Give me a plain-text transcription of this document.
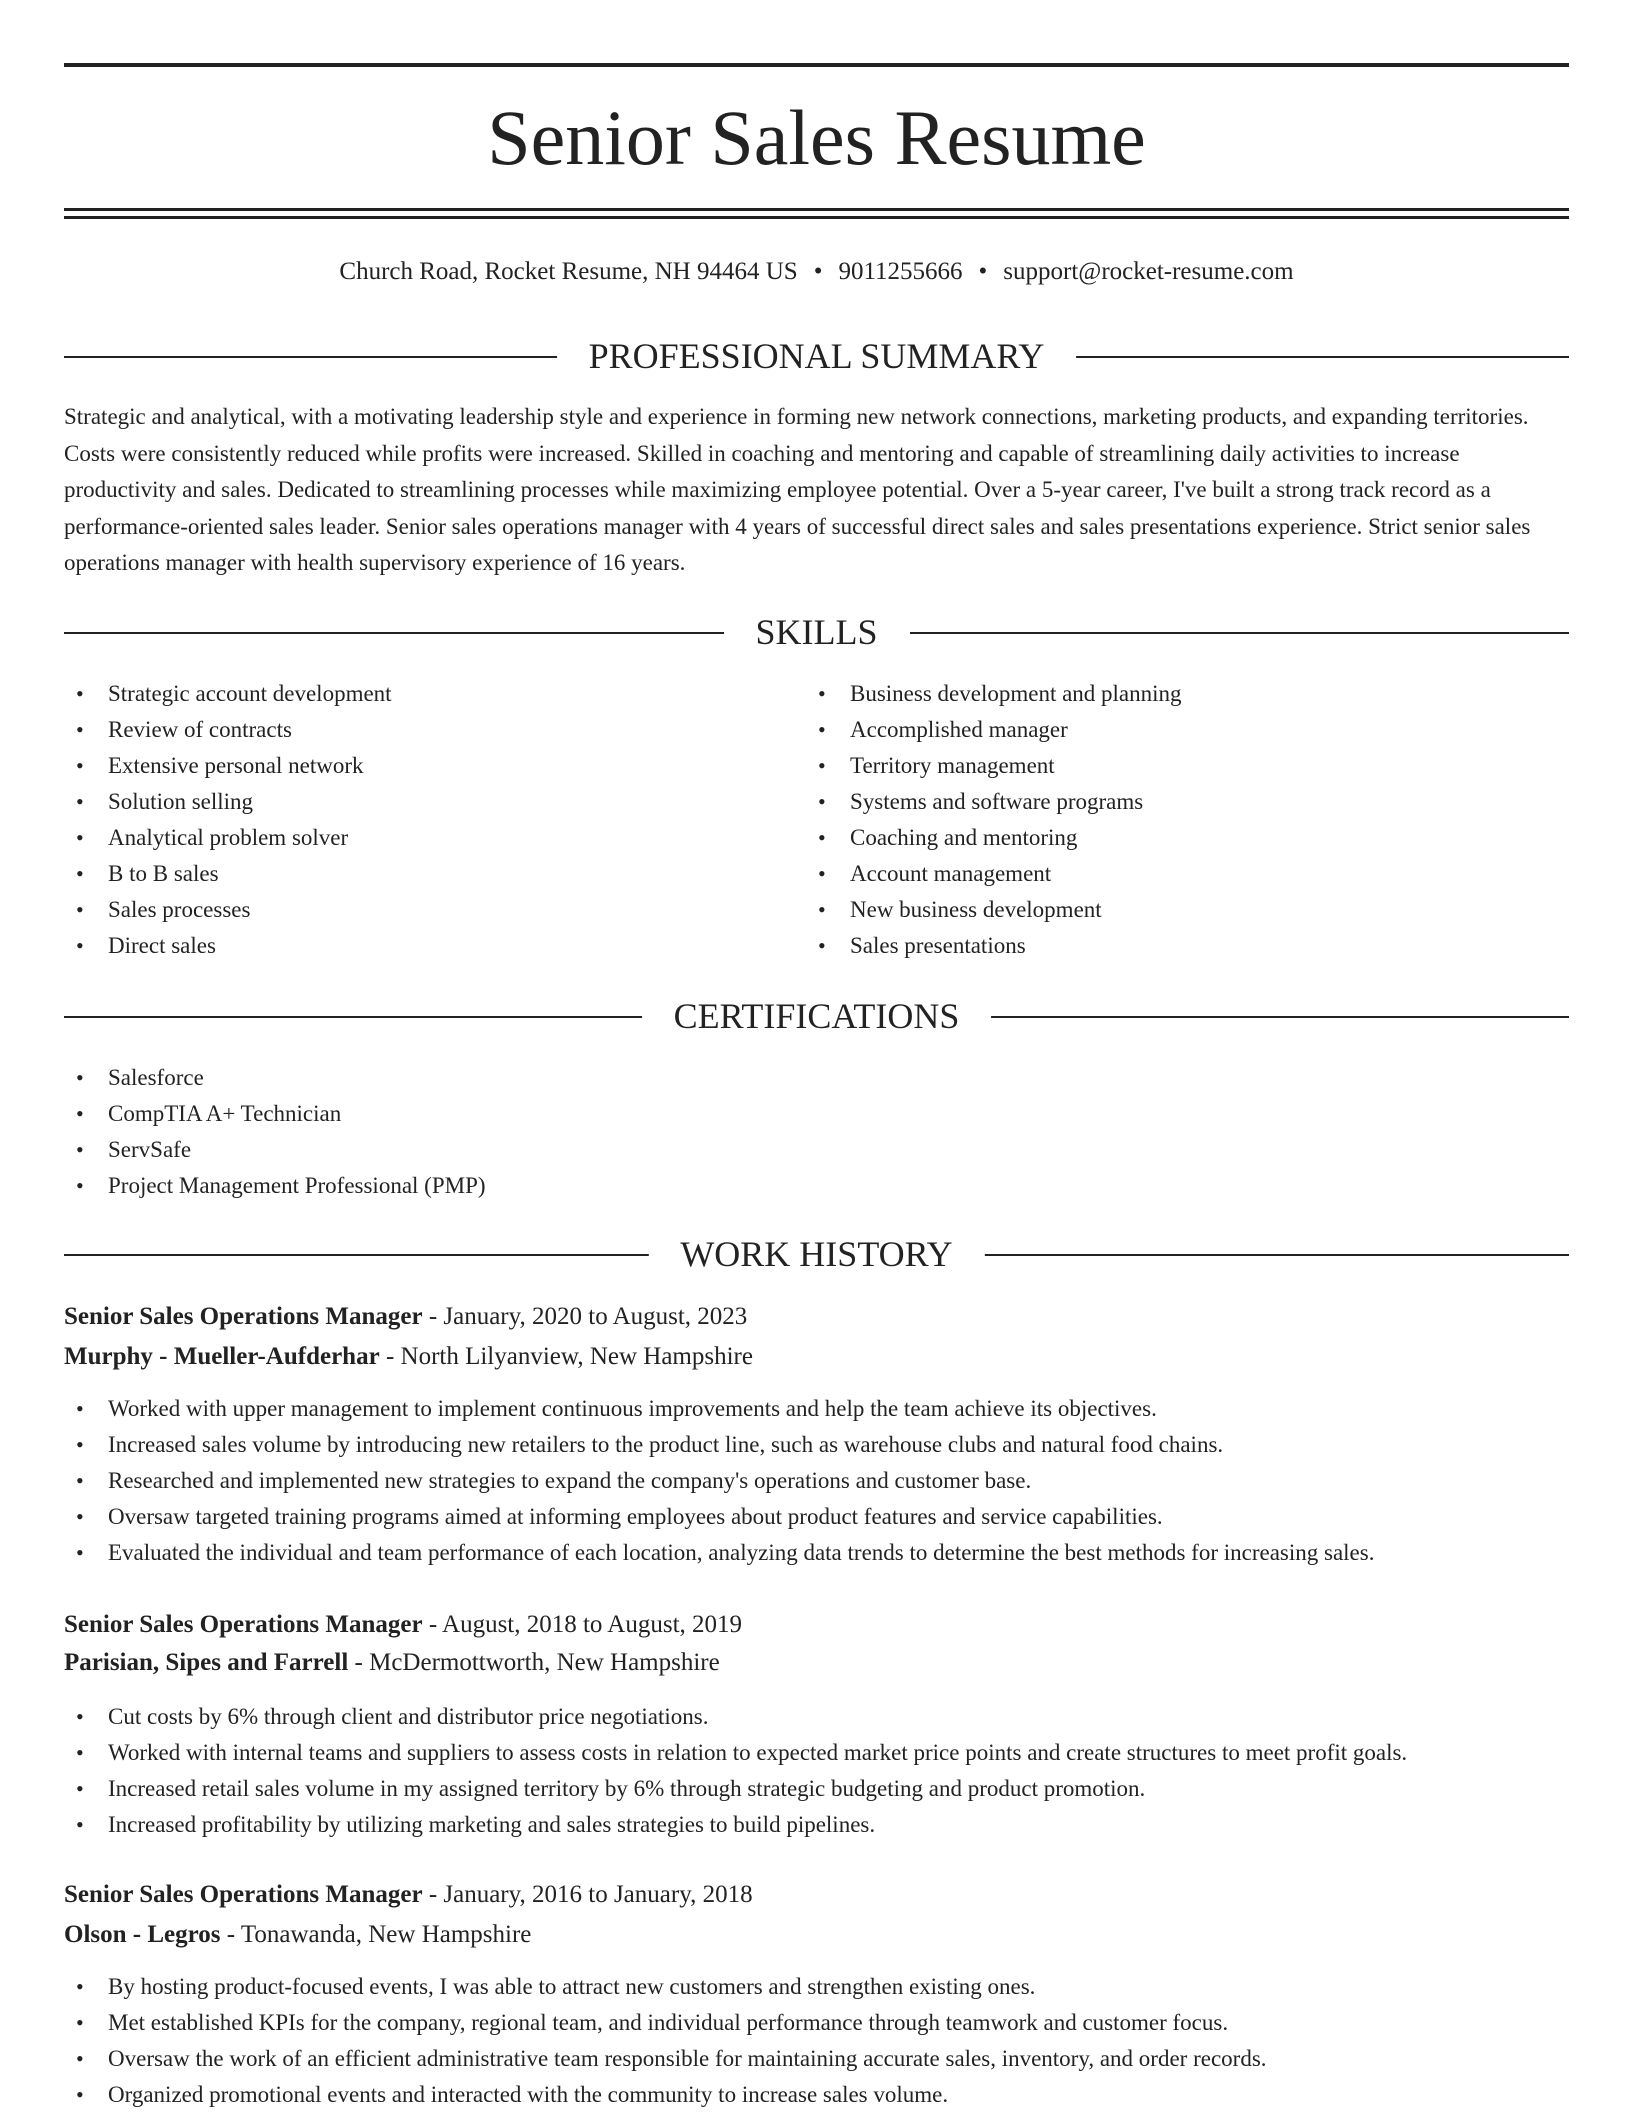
Senior Sales Resume
Church Road, Rocket Resume, NH 94464 US • 9011255666 • support@rocket-resume.com
PROFESSIONAL SUMMARY

Strategic and analytical, with a motivating leadership style and experience in forming new network connections, marketing products, and expanding territories. Costs were consistently reduced while profits were increased. Skilled in coaching and mentoring and capable of streamlining daily activities to increase productivity and sales. Dedicated to streamlining processes while maximizing employee potential. Over a 5-year career, I've built a strong track record as a performance-oriented sales leader. Senior sales operations manager with 4 years of successful direct sales and sales presentations experience. Strict senior sales operations manager with health supervisory experience of 16 years.

SKILLS
• Strategic account development
• Review of contracts
• Extensive personal network
• Solution selling
• Analytical problem solver
• B to B sales
• Sales processes
• Direct sales
• Business development and planning
• Accomplished manager
• Territory management
• Systems and software programs
• Coaching and mentoring
• Account management
• New business development
• Sales presentations
CERTIFICATIONS
• Salesforce
• CompTIA A+ Technician
• ServSafe
• Project Management Professional (PMP)
WORK HISTORY
Senior Sales Operations Manager - January, 2020 to August, 2023
Murphy - Mueller-Aufderhar - North Lilyanview, New Hampshire
• Worked with upper management to implement continuous improvements and help the team achieve its objectives.
• Increased sales volume by introducing new retailers to the product line, such as warehouse clubs and natural food chains.
• Researched and implemented new strategies to expand the company's operations and customer base.
• Oversaw targeted training programs aimed at informing employees about product features and service capabilities.
• Evaluated the individual and team performance of each location, analyzing data trends to determine the best methods for increasing sales.
Senior Sales Operations Manager - August, 2018 to August, 2019
Parisian, Sipes and Farrell - McDermottworth, New Hampshire
• Cut costs by 6% through client and distributor price negotiations.
• Worked with internal teams and suppliers to assess costs in relation to expected market price points and create structures to meet profit goals.
• Increased retail sales volume in my assigned territory by 6% through strategic budgeting and product promotion.
• Increased profitability by utilizing marketing and sales strategies to build pipelines.
Senior Sales Operations Manager - January, 2016 to January, 2018
Olson - Legros - Tonawanda, New Hampshire
• By hosting product-focused events, I was able to attract new customers and strengthen existing ones.
• Met established KPIs for the company, regional team, and individual performance through teamwork and customer focus.
• Oversaw the work of an efficient administrative team responsible for maintaining accurate sales, inventory, and order records.
• Organized promotional events and interacted with the community to increase sales volume.
